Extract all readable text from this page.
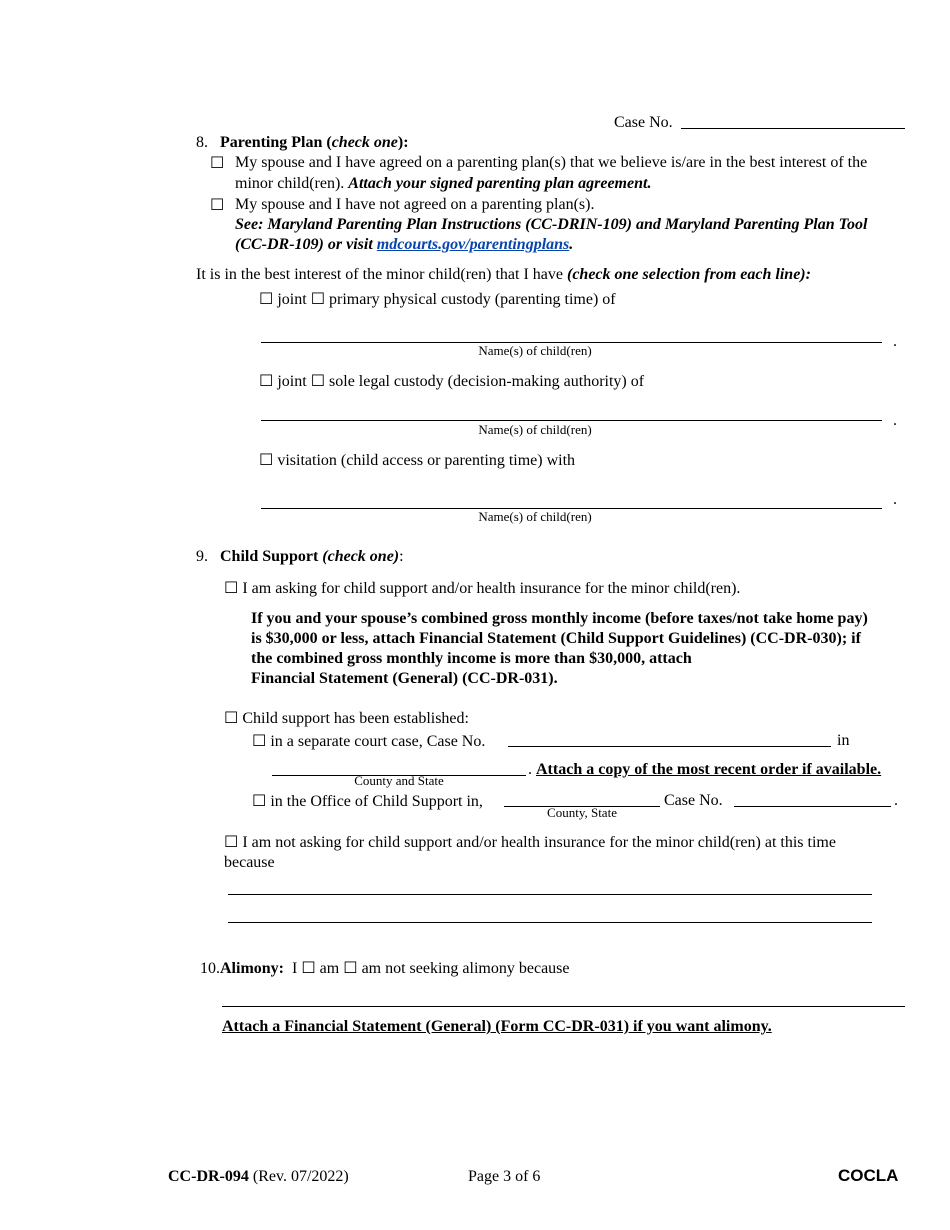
Case No.
8. Parenting Plan (check one):
☐ My spouse and I have agreed on a parenting plan(s) that we believe is/are in the best interest of the
minor child(ren). Attach your signed parenting plan agreement.
☐ My spouse and I have not agreed on a parenting plan(s).
See: Maryland Parenting Plan Instructions (CC-DRIN-109) and Maryland Parenting Plan Tool
(CC-DR-109) or visit mdcourts.gov/parentingplans.
It is in the best interest of the minor child(ren) that I have (check one selection from each line):
☐ joint ☐ primary physical custody (parenting time) of
.
Name(s) of child(ren)
☐ joint ☐ sole legal custody (decision-making authority) of
.
Name(s) of child(ren)
☐ visitation (child access or parenting time) with
.
Name(s) of child(ren)
9. Child Support (check one):
☐ I am asking for child support and/or health insurance for the minor child(ren).
If you and your spouse’s combined gross monthly income (before taxes/not take home pay)
is $30,000 or less, attach Financial Statement (Child Support Guidelines) (CC-DR-030); if
the combined gross monthly income is more than $30,000, attach
Financial Statement (General) (CC-DR-031).
☐ Child support has been established:
☐ in a separate court case, Case No.	in
. Attach a copy of the most recent order if available.
County and State
☐ in the Office of Child Support in,	Case No.	.
County, State
☐ I am not asking for child support and/or health insurance for the minor child(ren) at this time
because
10.Alimony: I ☐ am ☐ am not seeking alimony because
Attach a Financial Statement (General) (Form CC-DR-031) if you want alimony.
CC-DR-094 (Rev. 07/2022)	Page 3 of 6	COCLA
